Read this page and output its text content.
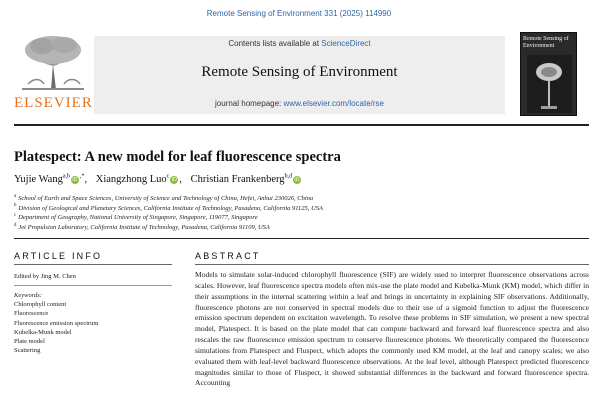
Remote Sensing of Environment 331 (2025) 114990
ELSEVIER
Contents lists available at ScienceDirect
Remote Sensing of Environment
journal homepage: www.elsevier.com/locate/rse
Remote Sensing of Environment
Platespect: A new model for leaf fluorescence spectra
Yujie Wang$^{a,b}$iD,*, Xiangzhong Luo$^c$iD , Christian Frankenberg$^{b,d}$iD
$^a$ School of Earth and Space Sciences, University of Science and Technology of China, Hefei, Anhui 230026, China
$^b$ Division of Geological and Planetary Sciences, California Institute of Technology, Pasadena, California 91125, USA
$^c$ Department of Geography, National University of Singapore, Singapore, 119077, Singapore
$^d$ Jet Propulsion Laboratory, California Institute of Technology, Pasadena, California 91109, USA
ARTICLE INFO	ABSTRACT
Edited by Jing M. Chen
Keywords:
Chlorophyll content
Fluorescence
Fluorescence emission spectrum
Kubelka-Munk model
Plate model
Scattering

Models to simulate solar-induced chlorophyll fluorescence (SIF) are widely used to interpret fluorescence observations across scales. However, leaf fluorescence spectra models often mix-use the plate model and Kubelka-Munk (KM) model, which differ in their assumptions in the internal scattering within a leaf and brings in uncertainty in explaining SIF observations. Additionally, fluorescence photons are not conserved in spectral models due to their use of a sigmoid function to adjust the fluorescence emission spectrum dependent on excitation wavelength. To resolve these problems in SIF simulation, we present a new spectral model, Platespect. It is based on the plate model that can compute backward and forward leaf fluorescence spectra and also rescales the raw fluorescence emission spectrum to conserve fluorescence photons. We theoretically compared the fluorescence simulations from Platespect and Fluspect, which adopts the commonly used KM model, at the leaf and canopy scales; we also evaluated them with leaf-level backward fluorescence observations. At the leaf level, although Platespect predicted fluorescence magnitudes similar to those of Fluspect, it showed substantial differences in the backward and forward fluorescence spectra. Accounting
